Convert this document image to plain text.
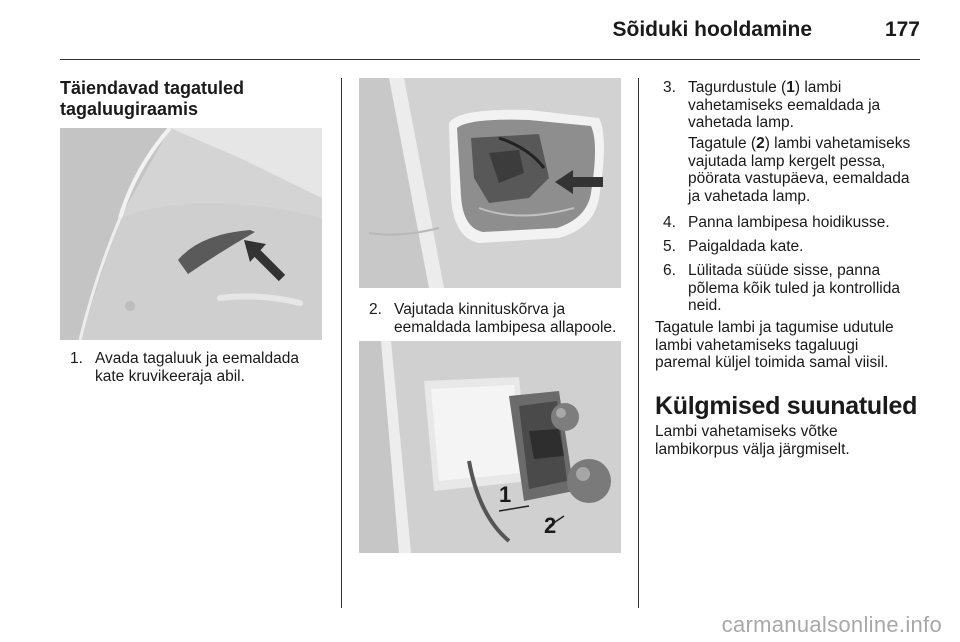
Sõiduki hooldamine	177
Täiendavad tagatuled
tagaluugiraamis
1. Avada tagaluuk ja eemaldada
kate kruvikeeraja abil.
2. Vajutada kinnituskõrva ja
eemaldada lambipesa allapoole.
1
2
3. Tagurdustule (1) lambi
vahetamiseks eemaldada ja
vahetada lamp.
Tagatule (2) lambi vahetamiseks
vajutada lamp kergelt pessa,
pöörata vastupäeva, eemaldada
ja vahetada lamp.
4. Panna lambipesa hoidikusse.
5. Paigaldada kate.
6. Lülitada süüde sisse, panna
põlema kõik tuled ja kontrollida
neid.
Tagatule lambi ja tagumise udutule
lambi vahetamiseks tagaluugi
paremal küljel toimida samal viisil.
Külgmised suunatuled
Lambi vahetamiseks võtke
lambikorpus välja järgmiselt.
carmanualsonline.info
